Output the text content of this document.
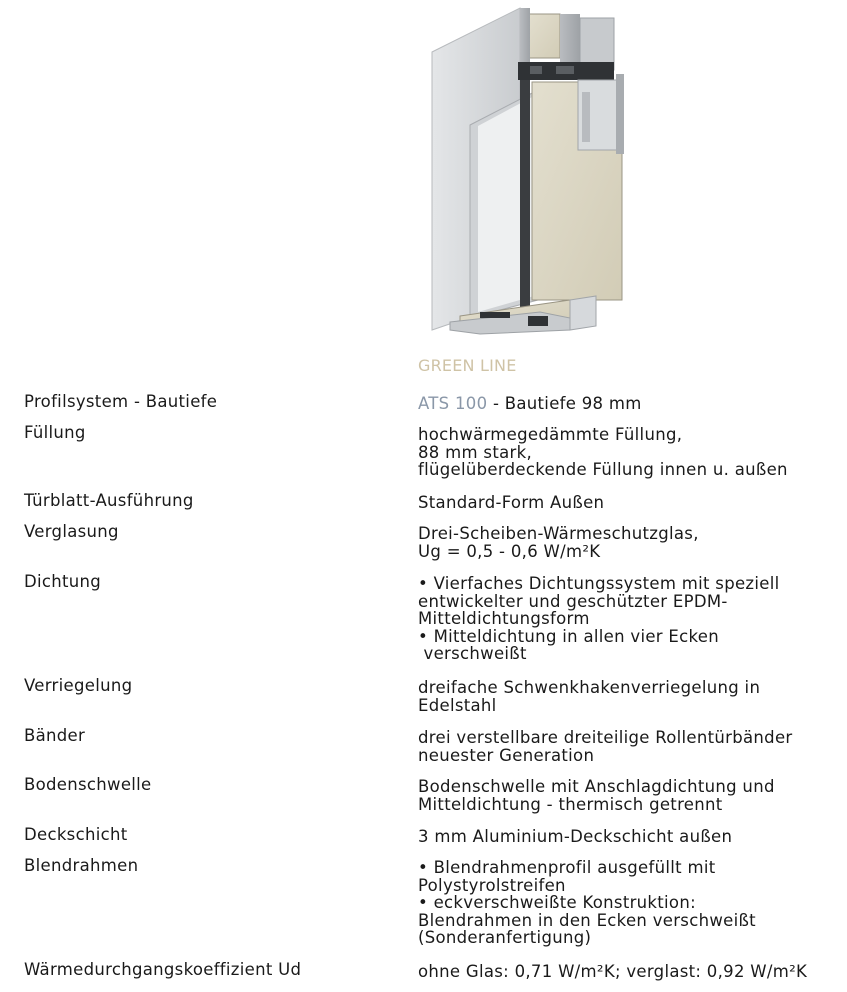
GREEN LINE
Profilsystem - Bautiefe	ATS 100 - Bautiefe 98 mm
Füllung	hochwärmegedämmte Füllung,
88 mm stark,
flügelüberdeckende Füllung innen u. außen
Türblatt-Ausführung	Standard-Form Außen
Verglasung	Drei-Scheiben-Wärmeschutzglas,
Ug = 0,5 - 0,6 W/m²K
Dichtung	• Vierfaches Dichtungssystem mit speziell
entwickelter und geschützter EPDM-
Mitteldichtungsform
• Mitteldichtung in allen vier Ecken
verschweißt
Verriegelung	dreifache Schwenkhakenverriegelung in
Edelstahl
Bänder	drei verstellbare dreiteilige Rollentürbänder
neuester Generation
Bodenschwelle	Bodenschwelle mit Anschlagdichtung und
Mitteldichtung - thermisch getrennt
Deckschicht	3 mm Aluminium-Deckschicht außen
Blendrahmen	• Blendrahmenprofil ausgefüllt mit
Polystyrolstreifen
• eckverschweißte Konstruktion:
Blendrahmen in den Ecken verschweißt
(Sonderanfertigung)
Wärmedurchgangskoeffizient Ud	ohne Glas: 0,71 W/m²K; verglast: 0,92 W/m²K
